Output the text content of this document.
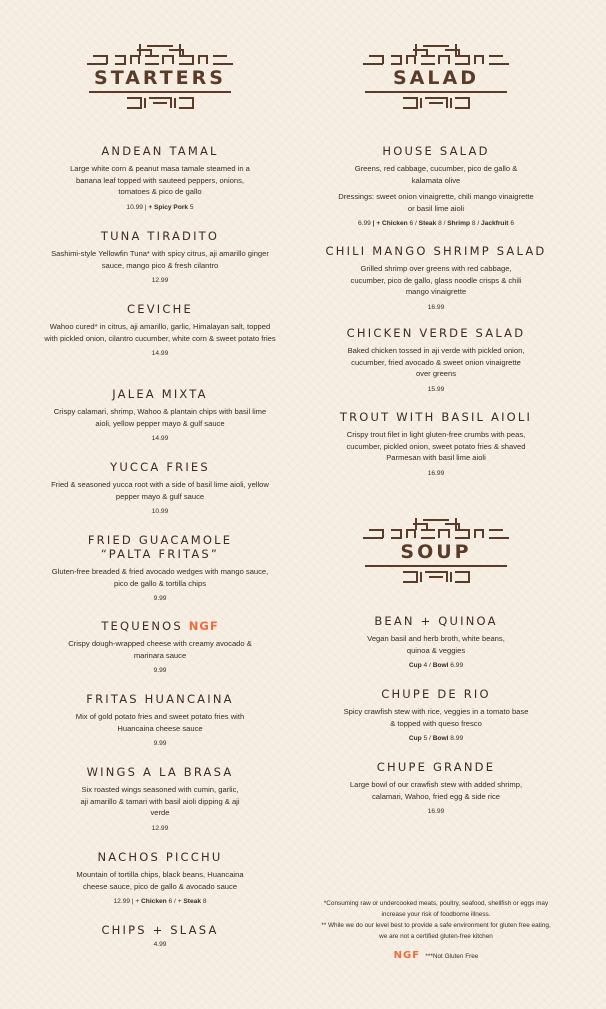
STARTERS
ANDEAN TAMAL
Large white corn & peanut masa tamale steamed in a banana leaf topped with sauteed peppers, onions, tomatoes & pico de gallo
10.99 | + Spicy Pork 5
TUNA TIRADITO
Sashimi-style Yellowfin Tuna* with spicy citrus, aji amarillo ginger sauce, mango pico & fresh cilantro
12.99
CEVICHE
Wahoo cured* in citrus, aji amarillo, garlic, Himalayan salt, topped with pickled onion, cilantro cucumber, white corn & sweet potato fries
14.99
JALEA MIXTA
Crispy calamari, shrimp, Wahoo & plantain chips with basil lime aioli, yellow pepper mayo & gulf sauce
14.99
YUCCA FRIES
Fried & seasoned yucca root with a side of basil lime aioli, yellow pepper mayo & gulf sauce
10.99
FRIED GUACAMOLE
“PALTA FRITAS”
Gluten-free breaded & fried avocado wedges with mango sauce, pico de gallo & tortilla chips
9.99
TEQUENOS NGF
Crispy dough-wrapped cheese with creamy avocado & marinara sauce
9.99
FRITAS HUANCAINA
Mix of gold potato fries and sweet potato fries with Huancaina cheese sauce
9.99
WINGS A LA BRASA
Six roasted wings seasoned with cumin, garlic, aji amarillo & tamari with basil aioli dipping & aji verde
12.99
NACHOS PICCHU
Mountain of tortilla chips, black beans, Huancaina cheese sauce, pico de gallo & avocado sauce
12.99 | + Chicken 6 / + Steak 8
CHIPS + SLASA
4.99
SALAD
HOUSE SALAD
Greens, red cabbage, cucumber, pico de gallo & kalamata olive
Dressings: sweet onion vinaigrette, chili mango vinaigrette or basil lime aioli
6.99 | + Chicken 6 / Steak 8 / Shrimp 8 / Jackfruit 6
CHILI MANGO SHRIMP SALAD
Grilled shrimp over greens with red cabbage, cucumber, pico de gallo, glass noodle crisps & chili mango vinaigrette
16.99
CHICKEN VERDE SALAD
Baked chicken tossed in aji verde with pickled onion, cucumber, fried avocado & sweet onion vinaigrette over greens
15.99
TROUT WITH BASIL AIOLI
Crispy trout filet in light gluten-free crumbs with peas, cucumber, pickled onion, sweet potato fries & shaved Parmesan with basil lime aioli
16.99
SOUP
BEAN + QUINOA
Vegan basil and herb broth, white beans, quinoa & veggies
Cup 4 / Bowl 6.99
CHUPE DE RIO
Spicy crawfish stew with rice, veggies in a tomato base & topped with queso fresco
Cup 5 / Bowl 8.99
CHUPE GRANDE
Large bowl of our crawfish stew with added shrimp, calamari, Wahoo, fried egg & side rice
16.99
*Consuming raw or undercooked meats, poultry, seafood, shellfish or eggs may increase your risk of foodborne illness.
** While we do our level best to provide a safe environment for gluten free eating, we are not a certified gluten-free kitchen
NGF ***Not Gluten Free
